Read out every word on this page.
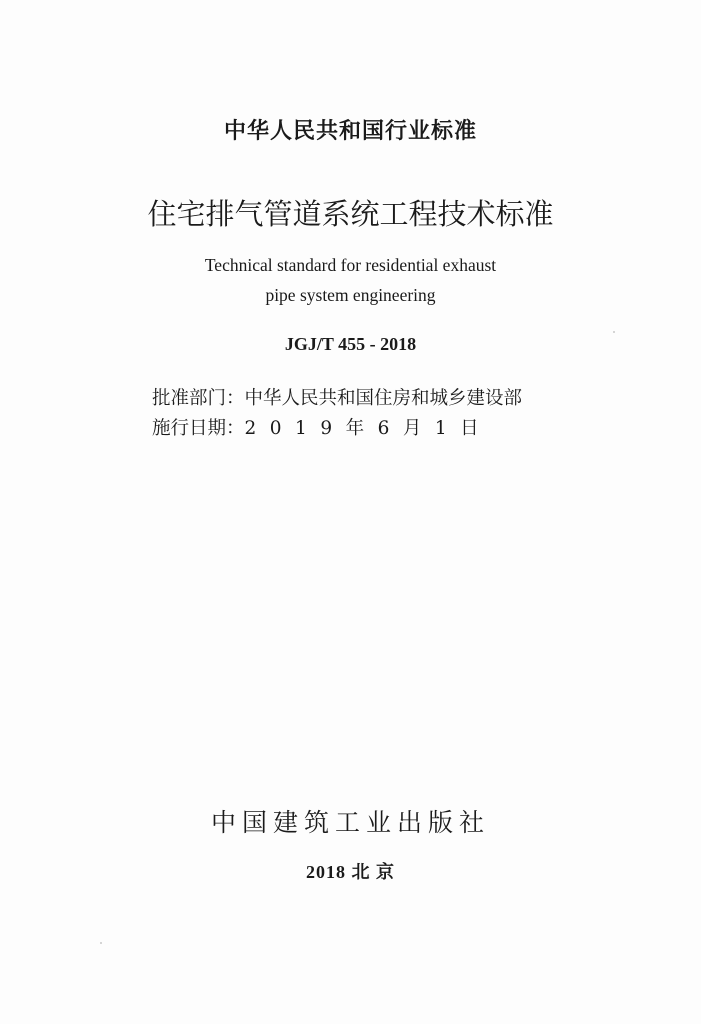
中华人民共和国行业标准
住宅排气管道系统工程技术标准
Technical standard for residential exhaust
pipe system engineering
JGJ/T 455 - 2018
批准部门：中华人民共和国住房和城乡建设部
施行日期：2019年6月1日
中国建筑工业出版社
2018 北 京
